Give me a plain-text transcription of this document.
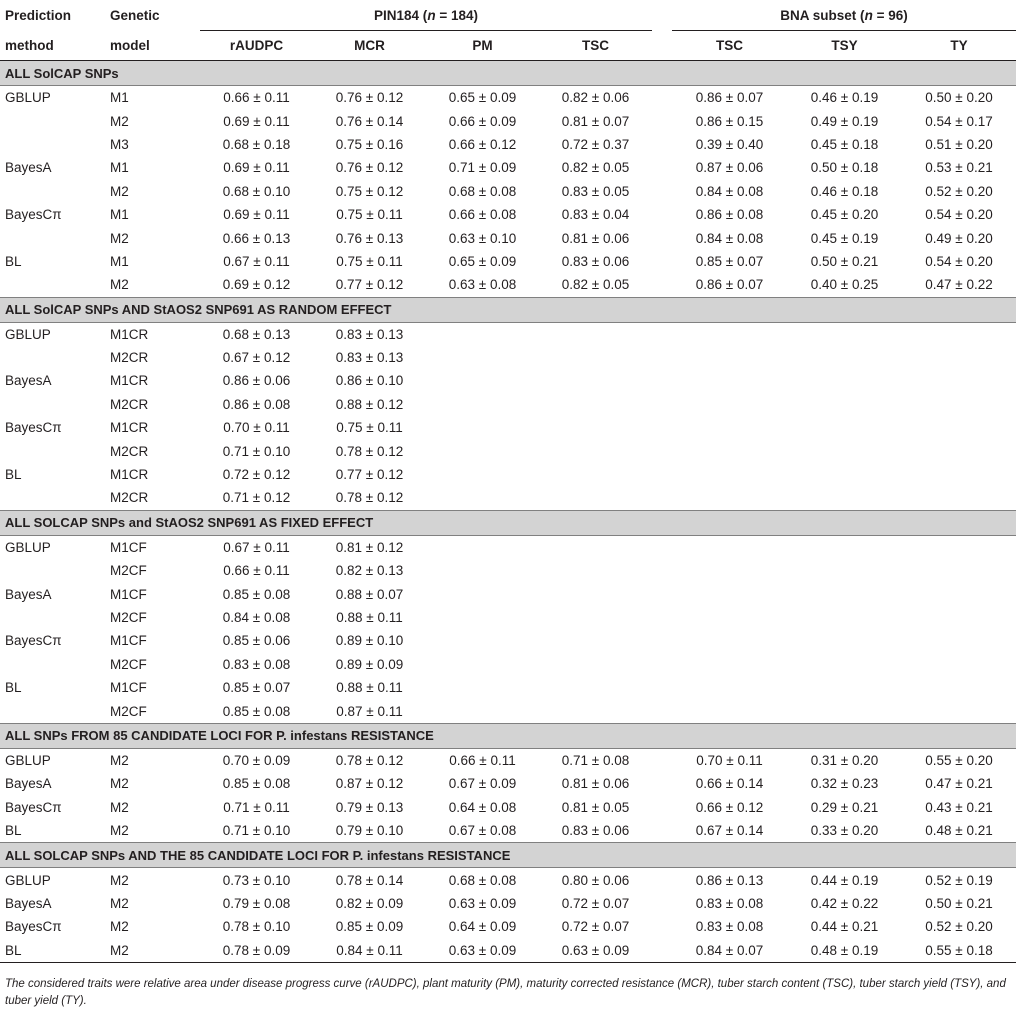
Prediction	Genetic	PIN184 (n = 184)					BNA subset (n = 96)		
method	model	rAUDPC	MCR	PM	TSC		TSC	TSY	TY
ALL SolCAP SNPs									
GBLUP	M1	0.66 ± 0.11	0.76 ± 0.12	0.65 ± 0.09	0.82 ± 0.06		0.86 ± 0.07	0.46 ± 0.19	0.50 ± 0.20
	M2	0.69 ± 0.11	0.76 ± 0.14	0.66 ± 0.09	0.81 ± 0.07		0.86 ± 0.15	0.49 ± 0.19	0.54 ± 0.17
	M3	0.68 ± 0.18	0.75 ± 0.16	0.66 ± 0.12	0.72 ± 0.37		0.39 ± 0.40	0.45 ± 0.18	0.51 ± 0.20
BayesA	M1	0.69 ± 0.11	0.76 ± 0.12	0.71 ± 0.09	0.82 ± 0.05		0.87 ± 0.06	0.50 ± 0.18	0.53 ± 0.21
	M2	0.68 ± 0.10	0.75 ± 0.12	0.68 ± 0.08	0.83 ± 0.05		0.84 ± 0.08	0.46 ± 0.18	0.52 ± 0.20
BayesCπ	M1	0.69 ± 0.11	0.75 ± 0.11	0.66 ± 0.08	0.83 ± 0.04		0.86 ± 0.08	0.45 ± 0.20	0.54 ± 0.20
	M2	0.66 ± 0.13	0.76 ± 0.13	0.63 ± 0.10	0.81 ± 0.06		0.84 ± 0.08	0.45 ± 0.19	0.49 ± 0.20
BL	M1	0.67 ± 0.11	0.75 ± 0.11	0.65 ± 0.09	0.83 ± 0.06		0.85 ± 0.07	0.50 ± 0.21	0.54 ± 0.20
	M2	0.69 ± 0.12	0.77 ± 0.12	0.63 ± 0.08	0.82 ± 0.05		0.86 ± 0.07	0.40 ± 0.25	0.47 ± 0.22
ALL SolCAP SNPs AND StAOS2 SNP691 AS RANDOM EFFECT									
GBLUP	M1CR	0.68 ± 0.13	0.83 ± 0.13						
	M2CR	0.67 ± 0.12	0.83 ± 0.13						
BayesA	M1CR	0.86 ± 0.06	0.86 ± 0.10						
	M2CR	0.86 ± 0.08	0.88 ± 0.12						
BayesCπ	M1CR	0.70 ± 0.11	0.75 ± 0.11						
	M2CR	0.71 ± 0.10	0.78 ± 0.12						
BL	M1CR	0.72 ± 0.12	0.77 ± 0.12						
	M2CR	0.71 ± 0.12	0.78 ± 0.12						
ALL SOLCAP SNPs and StAOS2 SNP691 AS FIXED EFFECT									
GBLUP	M1CF	0.67 ± 0.11	0.81 ± 0.12						
	M2CF	0.66 ± 0.11	0.82 ± 0.13						
BayesA	M1CF	0.85 ± 0.08	0.88 ± 0.07						
	M2CF	0.84 ± 0.08	0.88 ± 0.11						
BayesCπ	M1CF	0.85 ± 0.06	0.89 ± 0.10						
	M2CF	0.83 ± 0.08	0.89 ± 0.09						
BL	M1CF	0.85 ± 0.07	0.88 ± 0.11						
	M2CF	0.85 ± 0.08	0.87 ± 0.11						
ALL SNPs FROM 85 CANDIDATE LOCI FOR P. infestans RESISTANCE									
GBLUP	M2	0.70 ± 0.09	0.78 ± 0.12	0.66 ± 0.11	0.71 ± 0.08		0.70 ± 0.11	0.31 ± 0.20	0.55 ± 0.20
BayesA	M2	0.85 ± 0.08	0.87 ± 0.12	0.67 ± 0.09	0.81 ± 0.06		0.66 ± 0.14	0.32 ± 0.23	0.47 ± 0.21
BayesCπ	M2	0.71 ± 0.11	0.79 ± 0.13	0.64 ± 0.08	0.81 ± 0.05		0.66 ± 0.12	0.29 ± 0.21	0.43 ± 0.21
BL	M2	0.71 ± 0.10	0.79 ± 0.10	0.67 ± 0.08	0.83 ± 0.06		0.67 ± 0.14	0.33 ± 0.20	0.48 ± 0.21
ALL SOLCAP SNPs AND THE 85 CANDIDATE LOCI FOR P. infestans RESISTANCE									
GBLUP	M2	0.73 ± 0.10	0.78 ± 0.14	0.68 ± 0.08	0.80 ± 0.06		0.86 ± 0.13	0.44 ± 0.19	0.52 ± 0.19
BayesA	M2	0.79 ± 0.08	0.82 ± 0.09	0.63 ± 0.09	0.72 ± 0.07		0.83 ± 0.08	0.42 ± 0.22	0.50 ± 0.21
BayesCπ	M2	0.78 ± 0.10	0.85 ± 0.09	0.64 ± 0.09	0.72 ± 0.07		0.83 ± 0.08	0.44 ± 0.21	0.52 ± 0.20
BL	M2	0.78 ± 0.09	0.84 ± 0.11	0.63 ± 0.09	0.63 ± 0.09		0.84 ± 0.07	0.48 ± 0.19	0.55 ± 0.18
The considered traits were relative area under disease progress curve (rAUDPC), plant maturity (PM), maturity corrected resistance (MCR), tuber starch content (TSC), tuber starch yield (TSY), and tuber yield (TY).
